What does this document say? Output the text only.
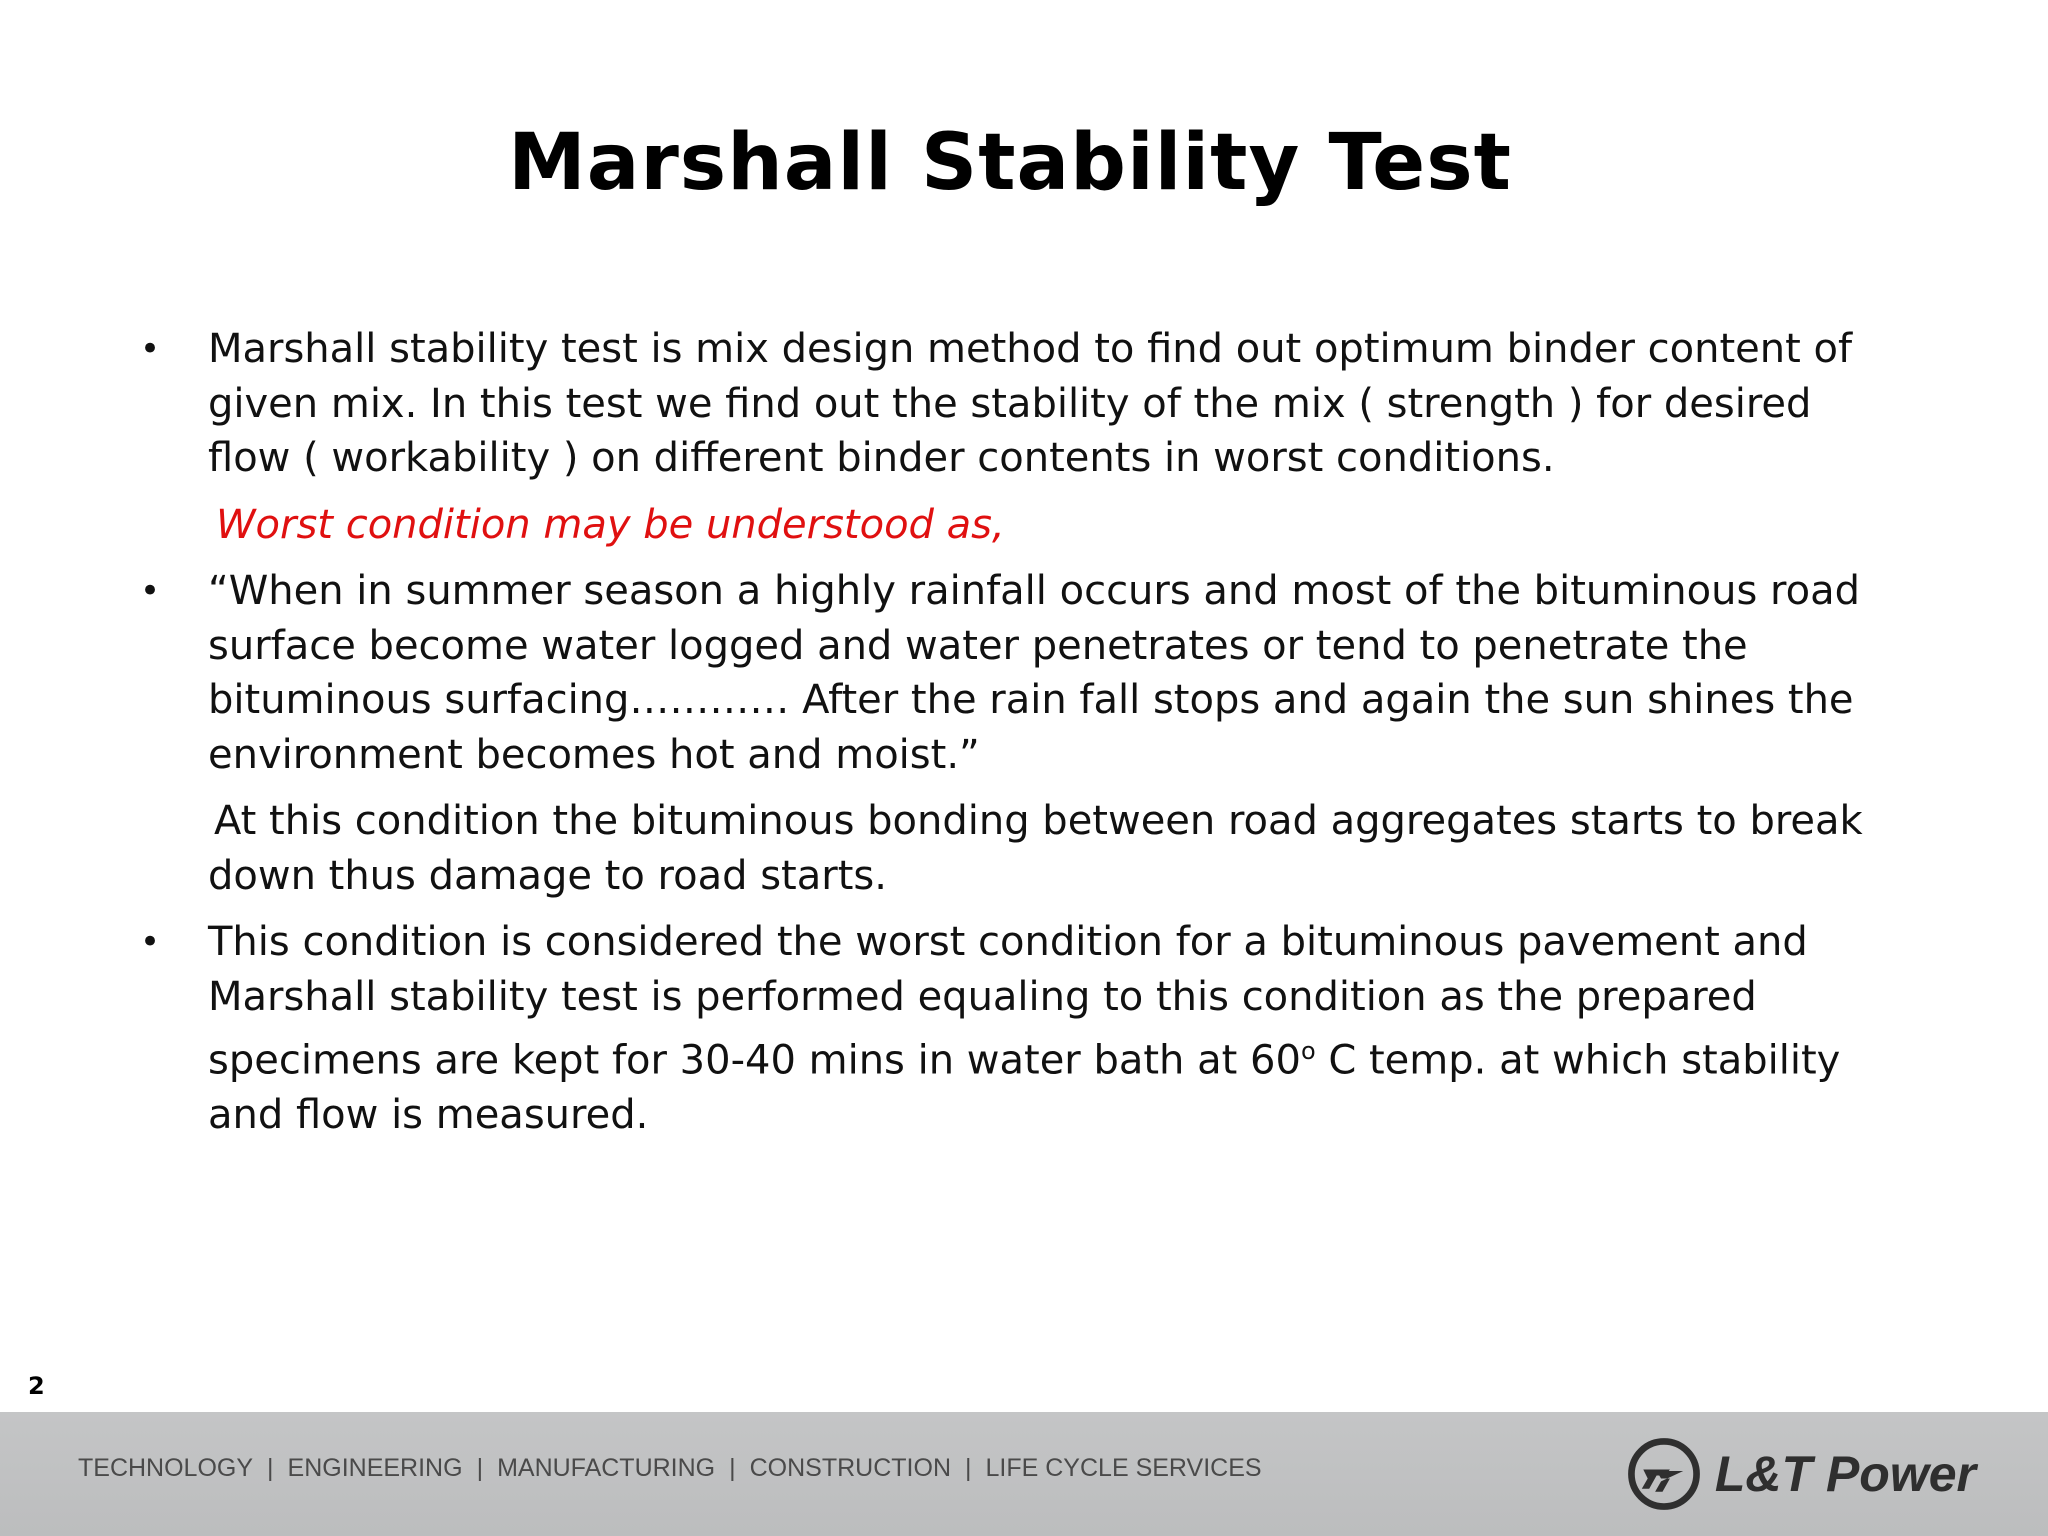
Marshall Stability Test
• Marshall stability test is mix design method to find out optimum binder content of given mix. In this test we find out the stability of the mix ( strength ) for desired flow ( workability ) on different binder contents in worst conditions.
Worst condition may be understood as,
• “When in summer season a highly rainfall occurs and most of the bituminous road surface become water logged and water penetrates or tend to penetrate the bituminous surfacing………… After the rain fall stops and again the sun shines the environment becomes hot and moist.”
At this condition the bituminous bonding between road aggregates starts to break down thus damage to road starts.
• This condition is considered the worst condition for a bituminous pavement and Marshall stability test is performed equaling to this condition as the prepared specimens are kept for 30-40 mins in water bath at 60$^o$ C temp. at which stability and flow is measured.
2
TECHNOLOGY | ENGINEERING | MANUFACTURING | CONSTRUCTION | LIFE CYCLE SERVICES	L&T Power
